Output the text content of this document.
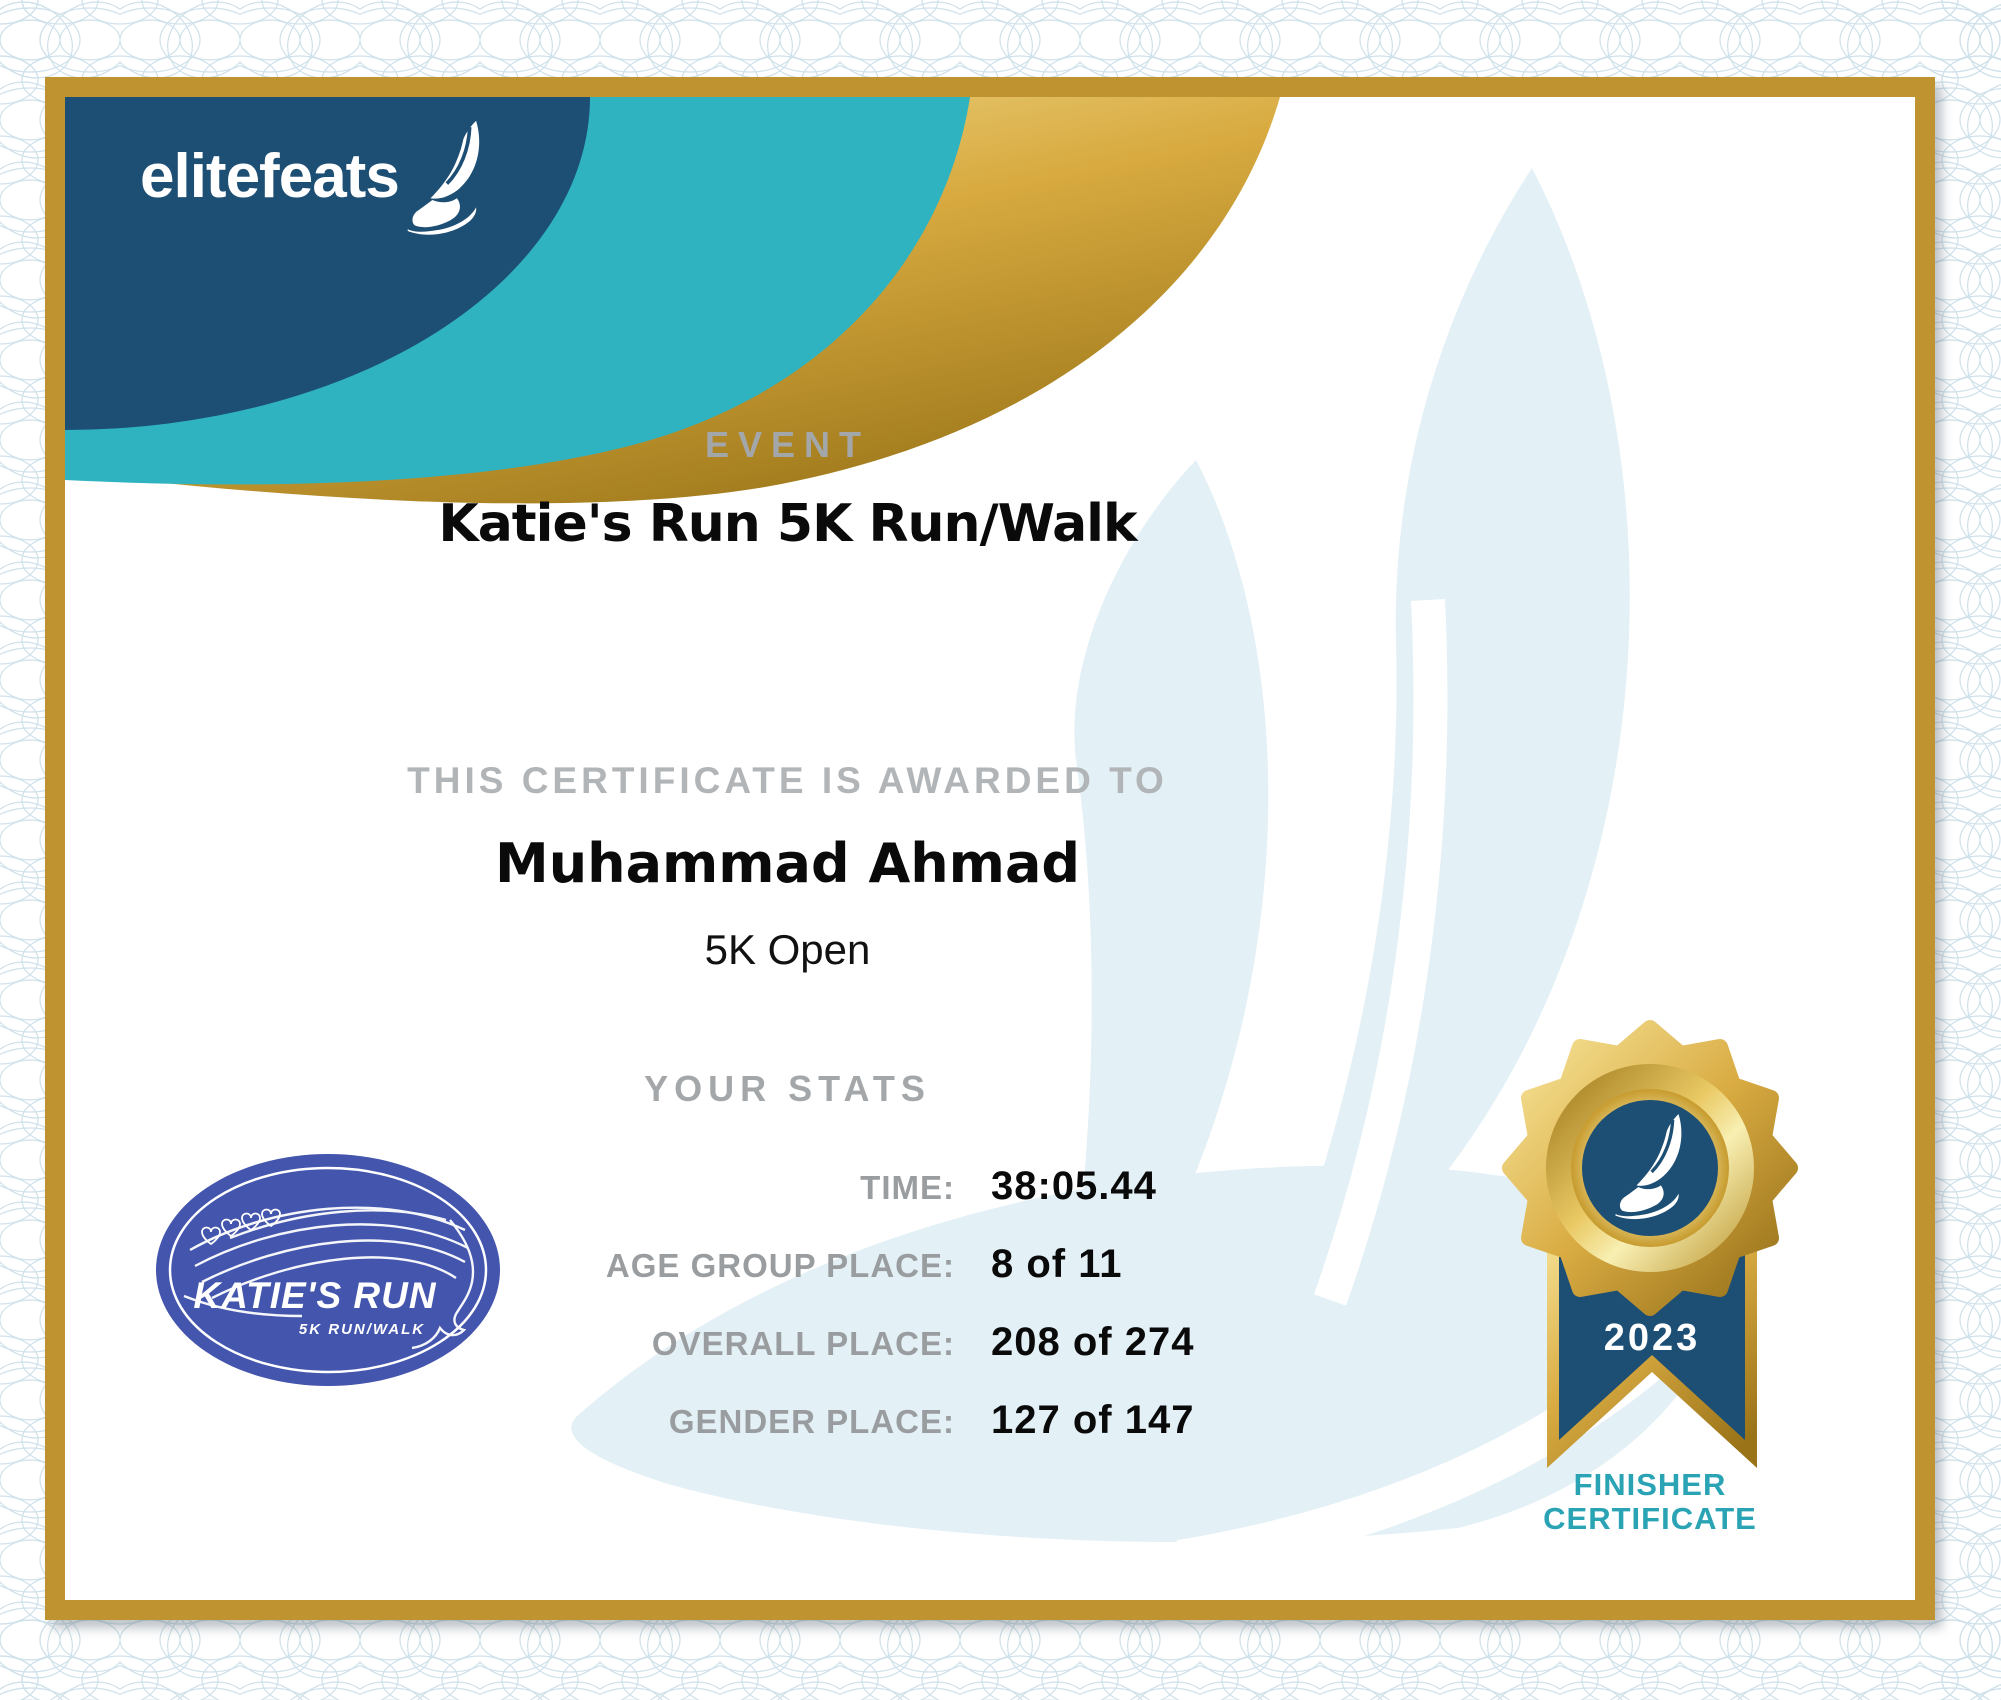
elitefeats
EVENT
Katie's Run 5K Run/Walk
THIS CERTIFICATE IS AWARDED TO
Muhammad Ahmad
5K Open
YOUR STATS
TIME: 38:05.44
AGE GROUP PLACE: 8 of 11
OVERALL PLACE: 208 of 274
GENDER PLACE: 127 of 147
KATIE'S RUN
5K RUN/WALK	2023
FINISHER
CERTIFICATE
